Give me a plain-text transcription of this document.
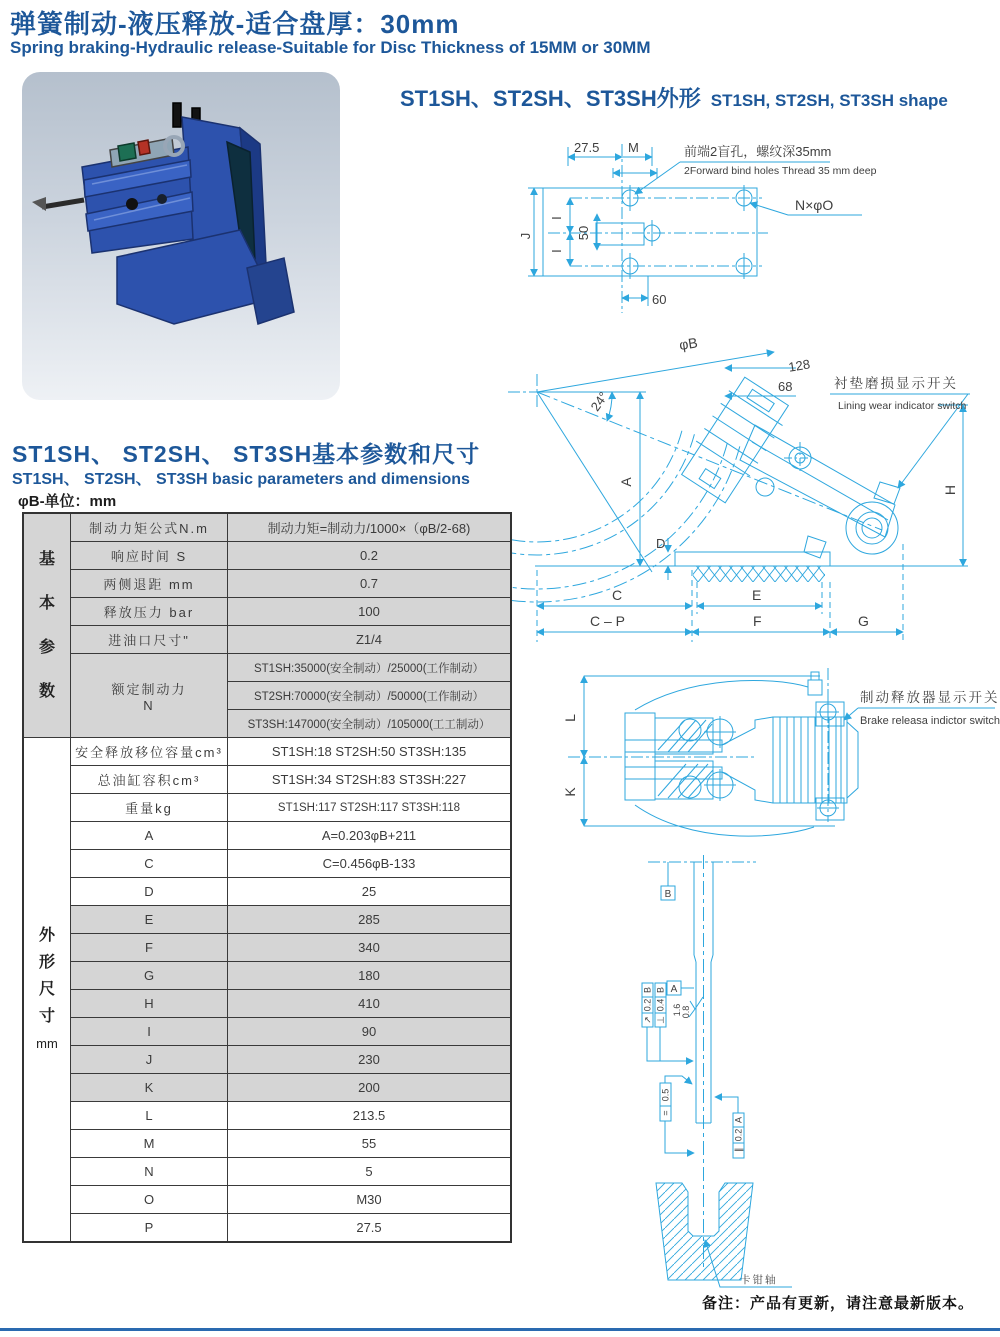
弹簧制动-液压释放-适合盘厚：30mm
Spring braking-Hydraulic release-Suitable for Disc Thickness of 15MM or 30MM
ST1SH、ST2SH、ST3SH外形 ST1SH, ST2SH, ST3SH shape
27.5 M	前端2盲孔，螺纹深35mm
2Forward bind holes Thread 35 mm deep
N×φO
J
I
50
I
60
φB
128
68	衬垫磨损显示开关
Lining wear indicator switch
24°
A
D
H
C	E
C – P	F	G
L
K
制动释放器显示开关
Brake releasa indictor switch
B
A
B
0.2
↗
B
0.4
⊥
1.6 0.8
0.5
=
A
0.2
∥
卡钳轴
ST1SH、 ST2SH、 ST3SH基本参数和尺寸
ST1SH、 ST2SH、 ST3SH basic parameters and dimensions
φB-单位：mm
基
本
参
数	制动力矩公式N.m	制动力矩=制动力/1000×（φB/2-68)
	响应时间 S	0.2
	两侧退距 mm	0.7
	释放压力 bar	100
	进油口尺寸"	Z1/4

	额定制动力
N	ST1SH:35000(安全制动）/25000(工作制动）
		ST2SH:70000(安全制动）/50000(工作制动）
		ST3SH:147000(安全制动）/105000(工工制动）

外
形
尺
寸
mm	安全释放移位容量cm³	ST1SH:18 ST2SH:50 ST3SH:135
	总油缸容积cm³	ST1SH:34 ST2SH:83 ST3SH:227
	重量kg	ST1SH:117 ST2SH:117 ST3SH:118
	A	A=0.203φB+211
	C	C=0.456φB-133
	D	25
	E	285
	F	340
	G	180
	H	410
	I	90
	J	230
	K	200
	L	213.5
	M	55
	N	5
	O	M30
	P	27.5
备注：产品有更新，请注意最新版本。
